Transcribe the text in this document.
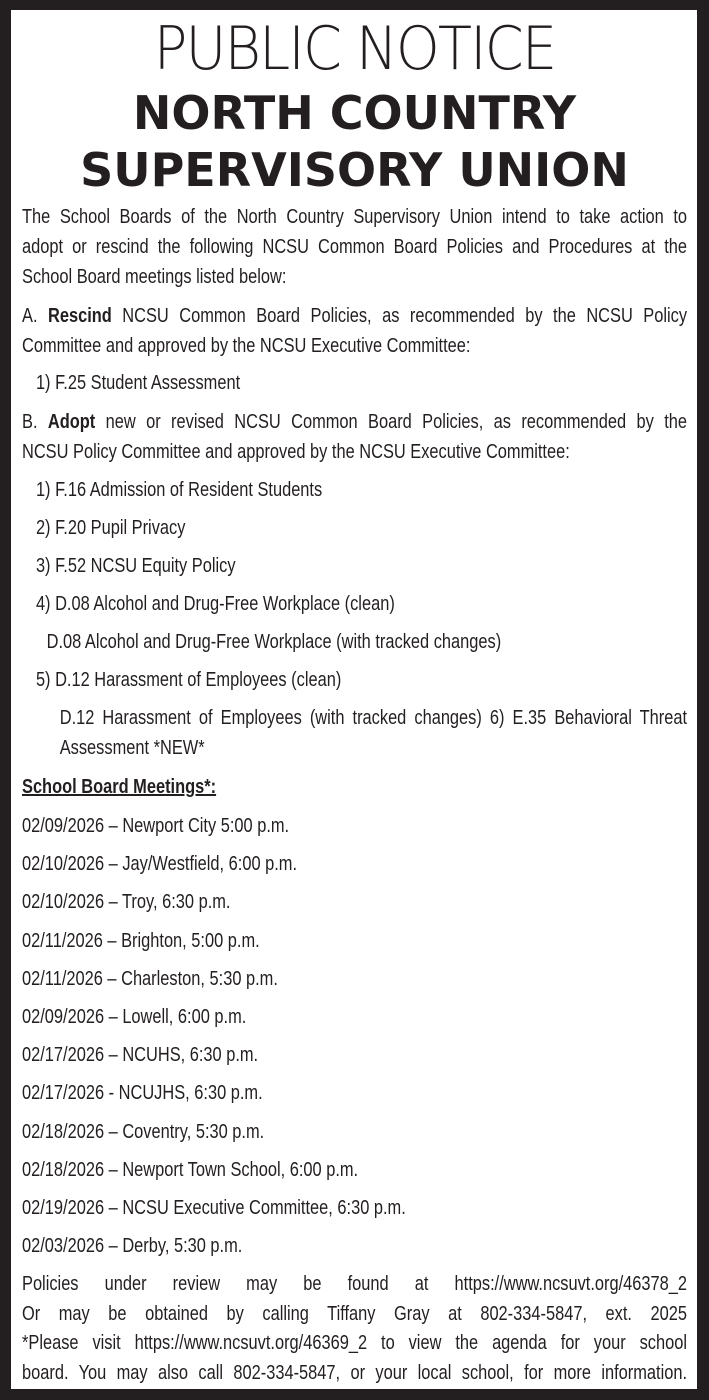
PUBLIC NOTICE
NORTH COUNTRY
SUPERVISORY UNION
The School Boards of the North Country Supervisory Union intend to take action to
adopt or rescind the following NCSU Common Board Policies and Procedures at the
School Board meetings listed below:
A. Rescind NCSU Common Board Policies, as recommended by the NCSU Policy
Committee and approved by the NCSU Executive Committee:
1) F.25 Student Assessment
B. Adopt new or revised NCSU Common Board Policies, as recommended by the
NCSU Policy Committee and approved by the NCSU Executive Committee:
1) F.16 Admission of Resident Students
2) F.20 Pupil Privacy
3) F.52 NCSU Equity Policy
4) D.08 Alcohol and Drug-Free Workplace (clean)
D.08 Alcohol and Drug-Free Workplace (with tracked changes)
5) D.12 Harassment of Employees (clean)
D.12 Harassment of Employees (with tracked changes) 6) E.35 Behavioral Threat
Assessment *NEW*
School Board Meetings*:
02/09/2026 – Newport City 5:00 p.m.
02/10/2026 – Jay/Westfield, 6:00 p.m.
02/10/2026 – Troy, 6:30 p.m.
02/11/2026 – Brighton, 5:00 p.m.
02/11/2026 – Charleston, 5:30 p.m.
02/09/2026 – Lowell, 6:00 p.m.
02/17/2026 – NCUHS, 6:30 p.m.
02/17/2026 - NCUJHS, 6:30 p.m.
02/18/2026 – Coventry, 5:30 p.m.
02/18/2026 – Newport Town School, 6:00 p.m.
02/19/2026 – NCSU Executive Committee, 6:30 p.m.
02/03/2026 – Derby, 5:30 p.m.
Policies under review may be found at https://www.ncsuvt.org/46378_2
Or may be obtained by calling Tiffany Gray at 802-334-5847, ext. 2025
*Please visit https://www.ncsuvt.org/46369_2 to view the agenda for your school
board. You may also call 802-334-5847, or your local school, for more information.
